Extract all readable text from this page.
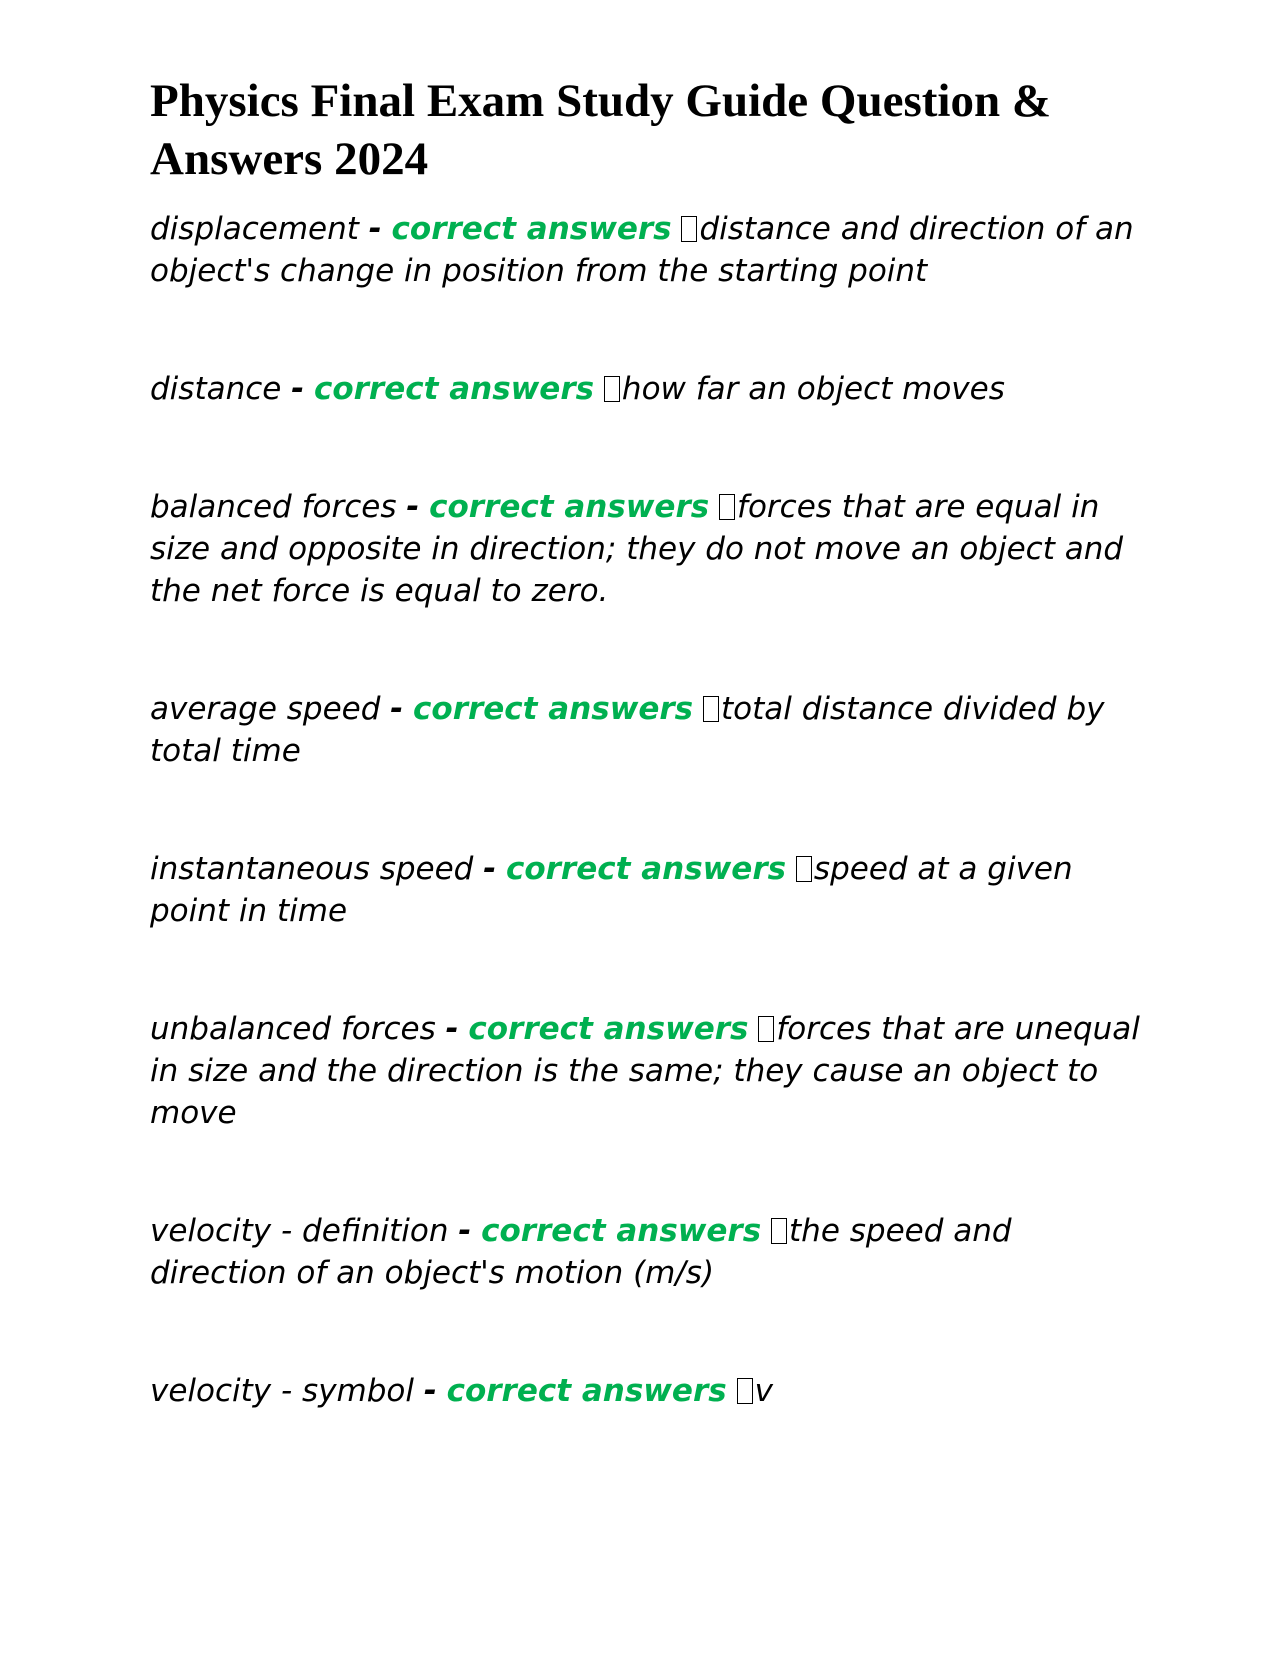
Physics Final Exam Study Guide Question & Answers 2024
displacement - correct answers distance and direction of an object's change in position from the starting point
distance - correct answers how far an object moves
balanced forces - correct answers forces that are equal in size and opposite in direction; they do not move an object and the net force is equal to zero.
average speed - correct answers total distance divided by total time
instantaneous speed - correct answers speed at a given point in time
unbalanced forces - correct answers forces that are unequal in size and the direction is the same; they cause an object to move
velocity - definition - correct answers the speed and direction of an object's motion (m/s)
velocity - symbol - correct answers v
